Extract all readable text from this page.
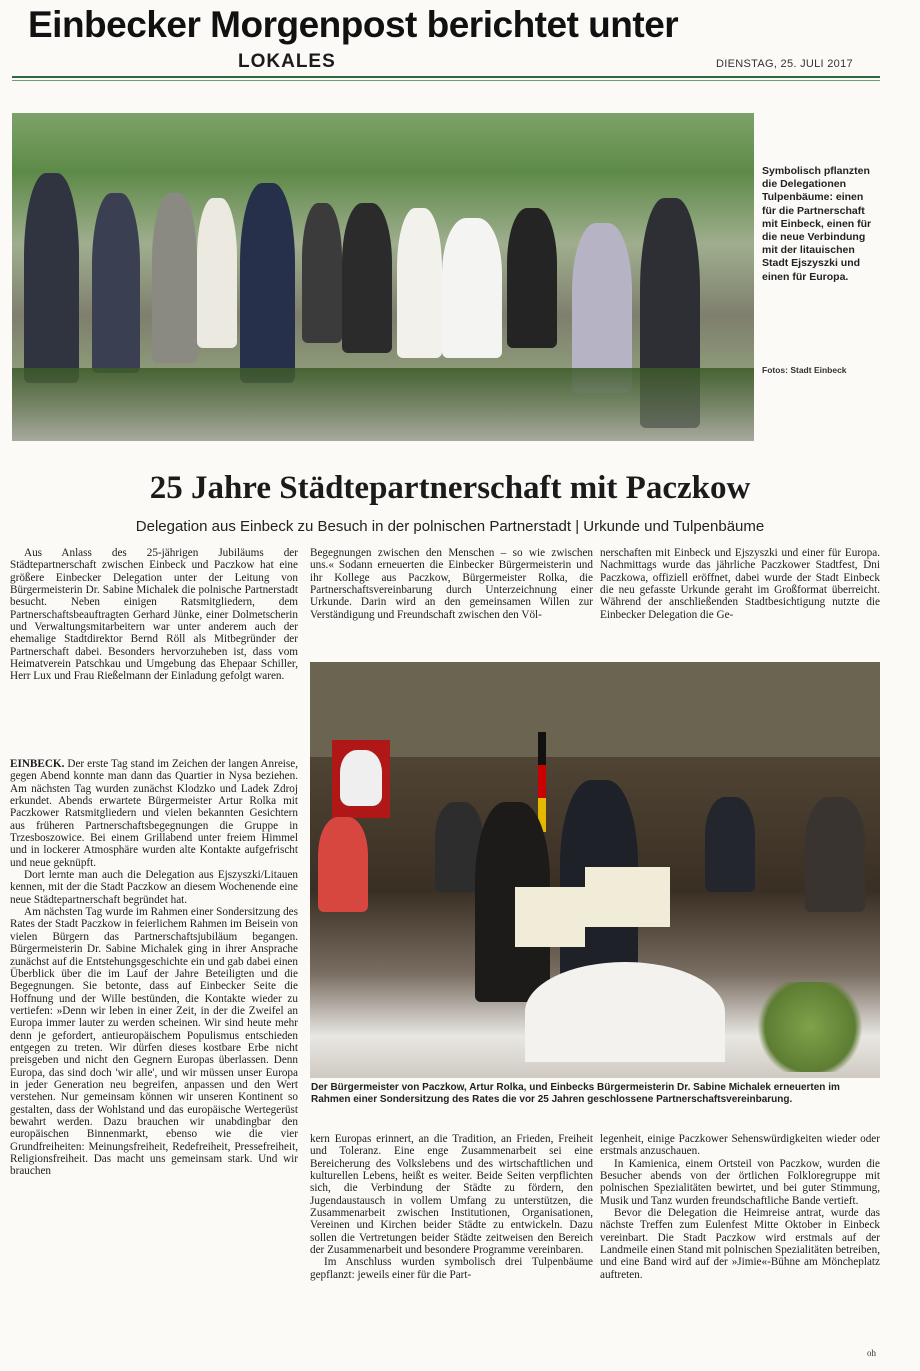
Einbecker Morgenpost berichtet unter
LOKALES	DIENSTAG, 25. JULI 2017
Symbolisch pflanzten die Delegationen Tulpenbäume: einen für die Partnerschaft mit Einbeck, einen für die neue Verbindung mit der litauischen Stadt Ejszyszki und einen für Europa.
Fotos: Stadt Einbeck
25 Jahre Städtepartnerschaft mit Paczkow
Delegation aus Einbeck zu Besuch in der polnischen Partnerstadt | Urkunde und Tulpenbäume

Aus Anlass des 25-jährigen Jubiläums der Städtepartnerschaft zwischen Einbeck und Paczkow hat eine größere Einbecker Delegation unter der Leitung von Bürgermeisterin Dr. Sabine Michalek die polnische Partnerstadt besucht. Neben einigen Ratsmitgliedern, dem Partnerschaftsbeauftragten Gerhard Jünke, einer Dolmetscherin und Verwaltungsmitarbeitern war unter anderem auch der ehemalige Stadtdirektor Bernd Röll als Mitbegründer der Partnerschaft dabei. Besonders hervorzuheben ist, dass vom Heimatverein Patschkau und Umgebung das Ehepaar Schiller, Herr Lux und Frau Rießelmann der Einladung gefolgt waren.

Begegnungen zwischen den Menschen – so wie zwischen uns.« Sodann erneuerten die Einbecker Bürgermeisterin und ihr Kollege aus Paczkow, Bürgermeister Rolka, die Partnerschaftsvereinbarung durch Unterzeichnung einer Urkunde. Darin wird an den gemeinsamen Willen zur Verständigung und Freundschaft zwischen den Völ-

nerschaften mit Einbeck und Ejszyszki und einer für Europa. Nachmittags wurde das jährliche Paczkower Stadtfest, Dni Paczkowa, offiziell eröffnet, dabei wurde der Stadt Einbeck die neu gefasste Urkunde geraht im Großformat überreicht. Während der anschließenden Stadtbesichtigung nutzte die Einbecker Delegation die Ge-

EINBECK. Der erste Tag stand im Zeichen der langen Anreise, gegen Abend konnte man dann das Quartier in Nysa beziehen. Am nächsten Tag wurden zunächst Klodzko und Ladek Zdroj erkundet. Abends erwartete Bürgermeister Artur Rolka mit Paczkower Ratsmitgliedern und vielen bekannten Gesichtern aus früheren Partnerschaftsbegegnungen die Gruppe in Trzesboszowice. Bei einem Grillabend unter freiem Himmel und in lockerer Atmosphäre wurden alte Kontakte aufgefrischt und neue geknüpft.

Dort lernte man auch die Delegation aus Ejszyszki/Litauen kennen, mit der die Stadt Paczkow an diesem Wochenende eine neue Städtepartnerschaft begründet hat.

Am nächsten Tag wurde im Rahmen einer Sondersitzung des Rates der Stadt Paczkow in feierlichem Rahmen im Beisein von vielen Bürgern das Partnerschaftsjubiläum begangen. Bürgermeisterin Dr. Sabine Michalek ging in ihrer Ansprache zunächst auf die Entstehungsgeschichte ein und gab dabei einen Überblick über die im Lauf der Jahre Beteiligten und die Begegnungen. Sie betonte, dass auf Einbecker Seite die Hoffnung und der Wille bestünden, die Kontakte wieder zu vertiefen: »Denn wir leben in einer Zeit, in der die Zweifel an Europa immer lauter zu werden scheinen. Wir sind heute mehr denn je gefordert, antieuropäischem Populismus entschieden entgegen zu treten. Wir dürfen dieses kostbare Erbe nicht preisgeben und nicht den Gegnern Europas überlassen. Denn Europa, das sind doch 'wir alle', und wir müssen unser Europa in jeder Generation neu begreifen, anpassen und den Wert verstehen. Nur gemeinsam können wir unseren Kontinent so gestalten, dass der Wohlstand und das europäische Wertegerüst bewahrt werden. Dazu brauchen wir unabdingbar den europäischen Binnenmarkt, ebenso wie die vier Grundfreiheiten: Meinungsfreiheit, Redefreiheit, Pressefreiheit, Religionsfreiheit. Das macht uns gemeinsam stark. Und wir brauchen

Der Bürgermeister von Paczkow, Artur Rolka, und Einbecks Bürgermeisterin Dr. Sabine Michalek erneuerten im Rahmen einer Sondersitzung des Rates die vor 25 Jahren geschlossene Partnerschaftsvereinbarung.

kern Europas erinnert, an die Tradition, an Frieden, Freiheit und Toleranz. Eine enge Zusammenarbeit sei eine Bereicherung des Volkslebens und des wirtschaftlichen und kulturellen Lebens, heißt es weiter. Beide Seiten verpflichten sich, die Verbindung der Städte zu fördern, den Jugendaustausch in vollem Umfang zu unterstützen, die Zusammenarbeit zwischen Institutionen, Organisationen, Vereinen und Kirchen beider Städte zu entwickeln. Dazu sollen die Vertretungen beider Städte zeitweisen den Bereich der Zusammenarbeit und besondere Programme vereinbaren.

Im Anschluss wurden symbolisch drei Tulpenbäume gepflanzt: jeweils einer für die Part-

legenheit, einige Paczkower Sehenswürdigkeiten wieder oder erstmals anzuschauen.

In Kamienica, einem Ortsteil von Paczkow, wurden die Besucher abends von der örtlichen Folkloregruppe mit polnischen Spezialitäten bewirtet, und bei guter Stimmung, Musik und Tanz wurden freundschaftliche Bande vertieft.

Bevor die Delegation die Heimreise antrat, wurde das nächste Treffen zum Eulenfest Mitte Oktober in Einbeck vereinbart. Die Stadt Paczkow wird erstmals auf der Landmeile einen Stand mit polnischen Spezialitäten betreiben, und eine Band wird auf der »Jimie«-Bühne am Möncheplatz auftreten.

oh
